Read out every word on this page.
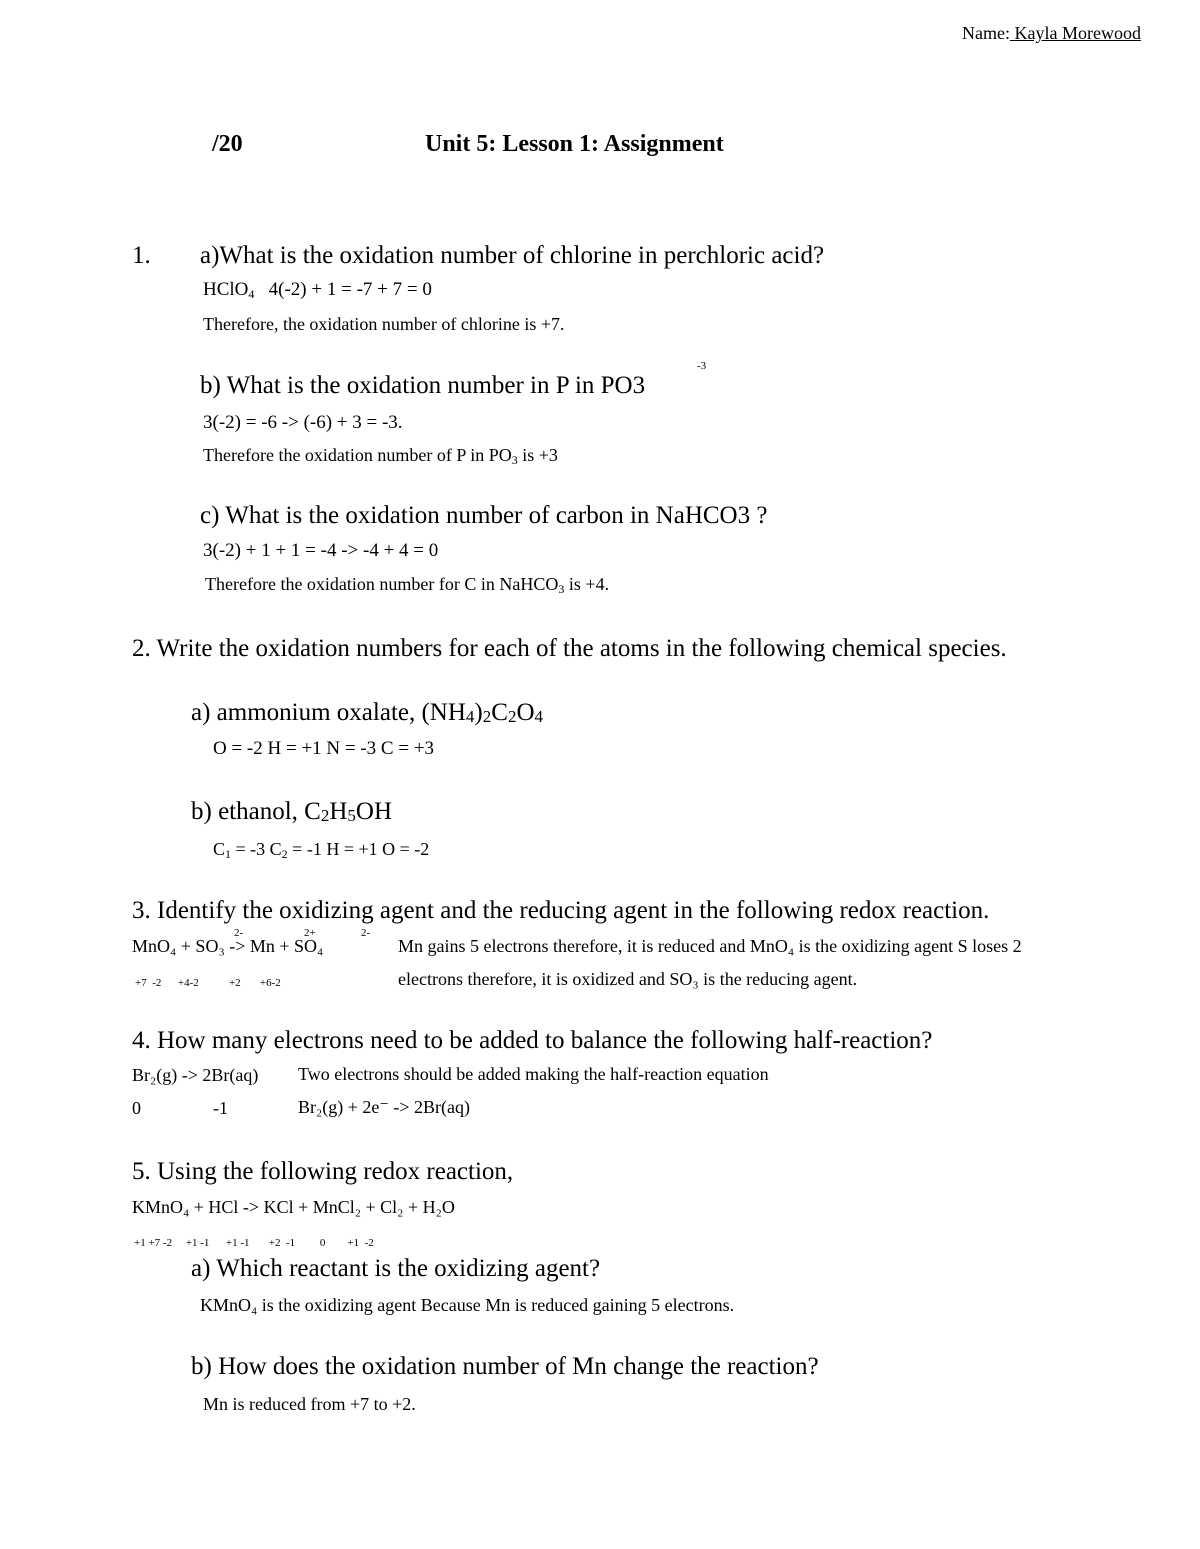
Name: Kayla Morewood
/20	Unit 5: Lesson 1: Assignment
1. a)What is the oxidation number of chlorine in perchloric acid?
HClO$_4$ 4(-2) + 1 = -7 + 7 = 0
Therefore, the oxidation number of chlorine is +7.
b) What is the oxidation number in P in PO3
-3
3(-2) = -6 -> (-6) + 3 = -3.
Therefore the oxidation number of P in $PO_3$ is +3
c) What is the oxidation number of carbon in NaHCO3 ?
3(-2) + 1 + 1 = -4 -> -4 + 4 = 0
Therefore the oxidation number for C in NaHCO$_3$ is +4.
2. Write the oxidation numbers for each of the atoms in the following chemical species.
a) ammonium oxalate, (NH4)2C2O4
O = -2 H = +1 N = -3 C = +3
b) ethanol, C2H5OH
$C_1 = -3$ $C_2 = -1$ H = +1 O = -2
3. Identify the oxidizing agent and the reducing agent in the following redox reaction.
MnO₄ + SO₃ -> Mn + SO₄
2-	2+	2-
Mn gains 5 electrons therefore, it is reduced and MnO₄ is the oxidizing agent S loses 2
+7  -2      +4-2           +2       +6-2	electrons therefore, it is oxidized and SO₃ is the reducing agent.
4. How many electrons need to be added to balance the following half-reaction?
Br₂(g) -> 2Br(aq) Two electrons should be added making the half-reaction equation
0	-1	Br₂(g) + 2e⁻ -> 2Br(aq)
5. Using the following redox reaction,
KMnO₄ + HCl -> KCl + MnCl₂ + Cl₂ + H₂O
+1 +7 -2     +1 -1      +1 -1       +2  -1         0        +1  -2
a) Which reactant is the oxidizing agent?
KMnO₄ is the oxidizing agent Because Mn is reduced gaining 5 electrons.
b) How does the oxidation number of Mn change the reaction?
Mn is reduced from +7 to +2.
